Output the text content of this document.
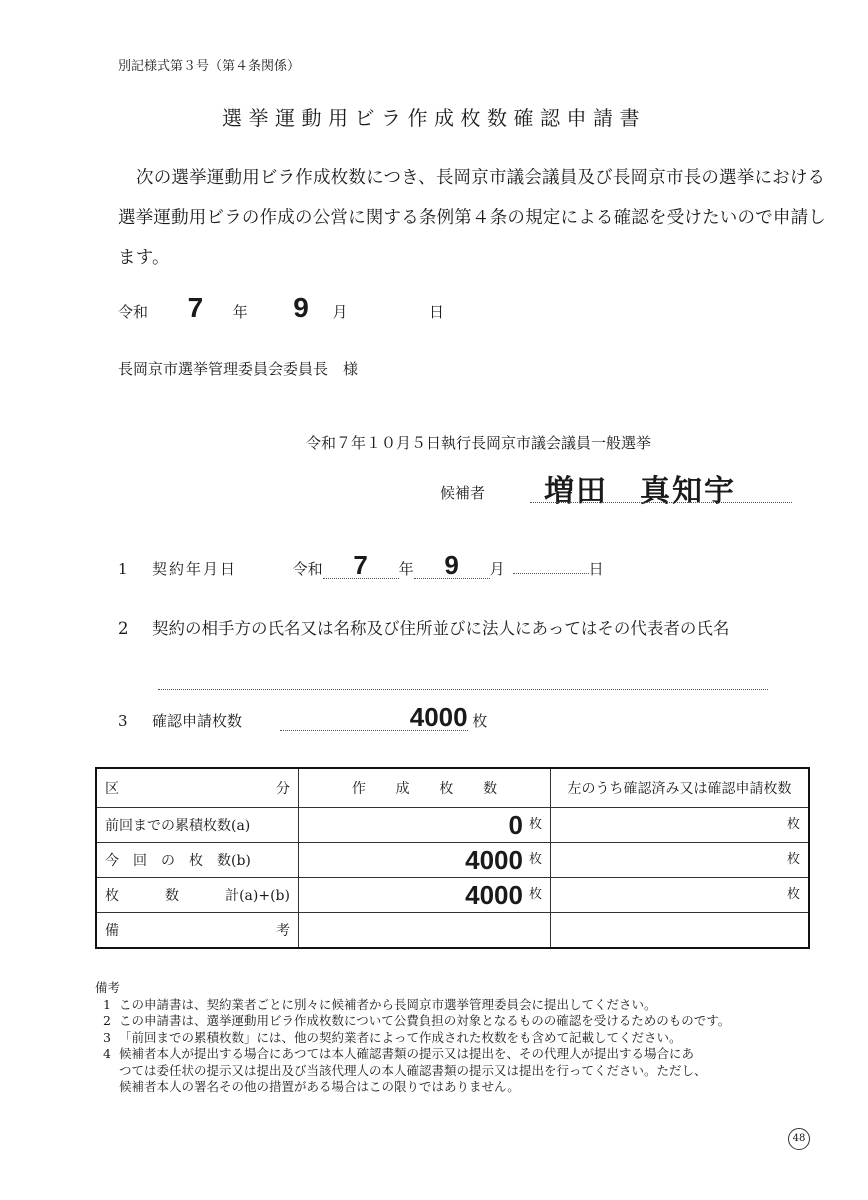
別記様式第３号（第４条関係）
選挙運動用ビラ作成枚数確認申請書
次の選挙運動用ビラ作成枚数につき、長岡京市議会議員及び長岡京市長の選挙における選挙運動用ビラの作成の公営に関する条例第４条の規定による確認を受けたいので申請します。
令和 7 年 9 月	日
長岡京市選挙管理委員会委員長　様
令和７年１０月５日執行長岡京市議会議員一般選挙
候補者 増田　真知宇
1 契約年月日	令和 7 年 9 月	日
2 契約の相手方の氏名又は名称及び住所並びに法人にあってはその代表者の氏名
3 確認申請枚数	4000 枚
区 分	作 成 枚 数	左のうち確認済み又は確認申請枚数
前回までの累積枚数(a)	0 枚	枚
今　回　の　枚　数(b)	4000 枚	枚

枚 数 計(a)+(b)	4000 枚	枚

備 考		

備考
1 この申請書は、契約業者ごとに別々に候補者から長岡京市選挙管理委員会に提出してください。
2 この申請書は、選挙運動用ビラ作成枚数について公費負担の対象となるものの確認を受けるためのものです。
3 「前回までの累積枚数」には、他の契約業者によって作成された枚数をも含めて記載してください。
4 候補者本人が提出する場合にあつては本人確認書類の提示又は提出を、その代理人が提出する場合にあ
つては委任状の提示又は提出及び当該代理人の本人確認書類の提示又は提出を行ってください。ただし、
候補者本人の署名その他の措置がある場合はこの限りではありません。
48
